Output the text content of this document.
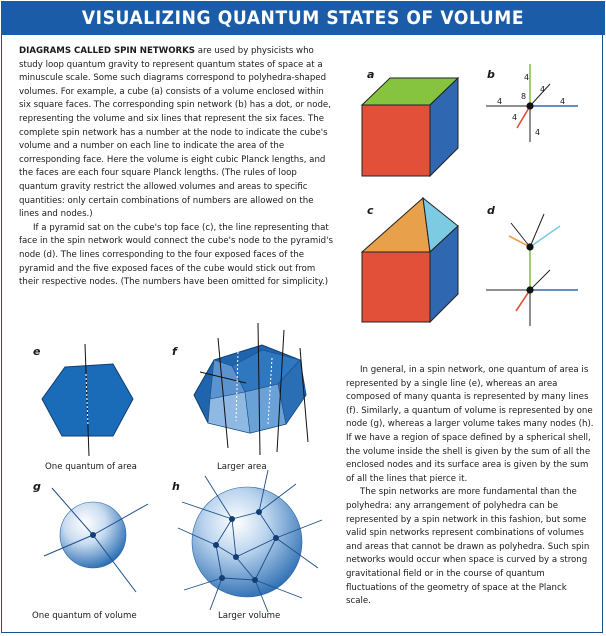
VISUALIZING QUANTUM STATES OF VOLUME

DIAGRAMS CALLED SPIN NETWORKS are used by physicists who study loop quantum gravity to represent quantum states of space at a minuscule scale. Some such diagrams correspond to polyhedra-shaped volumes. For example, a cube (a) consists of a volume enclosed within six square faces. The corresponding spin network (b) has a dot, or node, representing the volume and six lines that represent the six faces. The complete spin network has a number at the node to indicate the cube's volume and a number on each line to indicate the area of the corresponding face. Here the volume is eight cubic Planck lengths, and the faces are each four square Planck lengths. (The rules of loop quantum gravity restrict the allowed volumes and areas to specific quantities: only certain combinations of numbers are allowed on the lines and nodes.)
If a pyramid sat on the cube's top face (c), the line representing that face in the spin network would connect the cube's node to the pyramid's node (d). The lines corresponding to the four exposed faces of the pyramid and the five exposed faces of the cube would stick out from their respective nodes. (The numbers have been omitted for simplicity.)

In general, in a spin network, one quantum of area is represented by a single line (e), whereas an area composed of many quanta is represented by many lines (f). Similarly, a quantum of volume is represented by one node (g), whereas a larger volume takes many nodes (h). If we have a region of space defined by a spherical shell, the volume inside the shell is given by the sum of all the enclosed nodes and its surface area is given by the sum of all the lines that pierce it.
The spin networks are more fundamental than the polyhedra: any arrangement of polyhedra can be represented by a spin network in this fashion, but some valid spin networks represent combinations of volumes and areas that cannot be drawn as polyhedra. Such spin networks would occur when space is curved by a strong gravitational field or in the course of quantum fluctuations of the geometry of space at the Planck scale.

a	b	4
8
4
4	4
4
4
c	d
e
One quantum of area
f
Larger area
g
One quantum of volume
h
Larger volume
